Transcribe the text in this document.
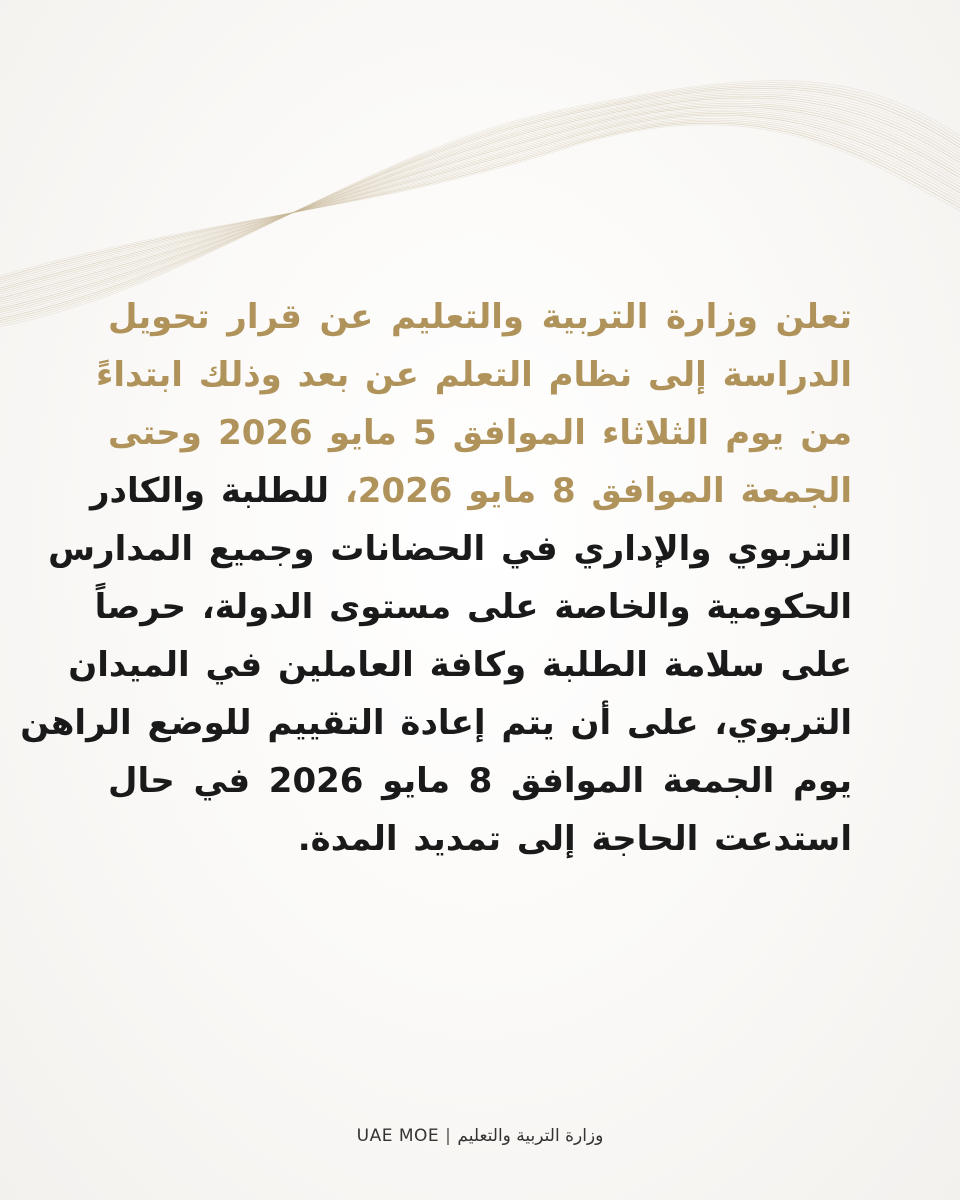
تعلن وزارة التربية والتعليم عن قرار تحويل
الدراسة إلى نظام التعلم عن بعد وذلك ابتداءً
من يوم الثلاثاء الموافق 5 مايو 2026 وحتى
الجمعة الموافق 8 مايو 2026، للطلبة والكادر
التربوي والإداري في الحضانات وجميع المدارس
الحكومية والخاصة على مستوى الدولة، حرصاً
على سلامة الطلبة وكافة العاملين في الميدان
التربوي، على أن يتم إعادة التقييم للوضع الراهن
يوم الجمعة الموافق 8 مايو 2026 في حال
استدعت الحاجة إلى تمديد المدة.
UAE MOE | وزارة التربية والتعليم
